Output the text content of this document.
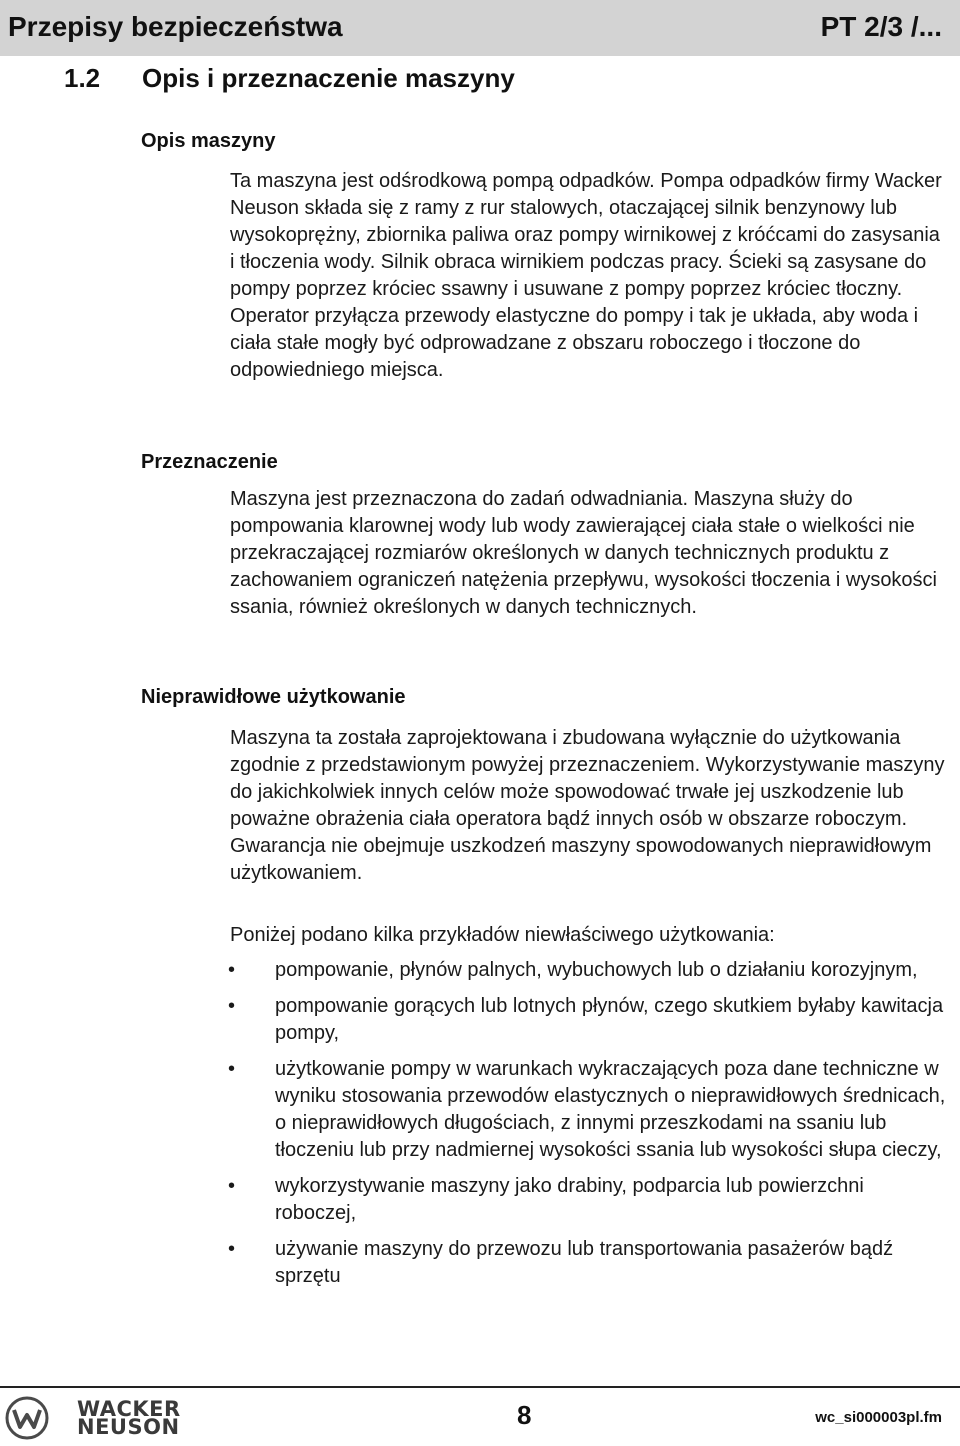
Przepisy bezpieczeństwa	PT 2/3 /...
1.2 Opis i przeznaczenie maszyny
Opis maszyny
Ta maszyna jest odśrodkową pompą odpadków. Pompa odpadków firmy Wacker Neuson składa się z ramy z rur stalowych, otaczającej silnik benzynowy lub wysokoprężny, zbiornika paliwa oraz pompy wirnikowej z króćcami do zasysania i tłoczenia wody. Silnik obraca wirnikiem podczas pracy. Ścieki są zasysane do pompy poprzez króciec ssawny i usuwane z pompy poprzez króciec tłoczny. Operator przyłącza przewody elastyczne do pompy i tak je układa, aby woda i ciała stałe mogły być odprowadzane z obszaru roboczego i tłoczone do odpowiedniego miejsca.
Przeznaczenie
Maszyna jest przeznaczona do zadań odwadniania. Maszyna służy do pompowania klarownej wody lub wody zawierającej ciała stałe o wielkości nie przekraczającej rozmiarów określonych w danych technicznych produktu z zachowaniem ograniczeń natężenia przepływu, wysokości tłoczenia i wysokości ssania, również określonych w danych technicznych.
Nieprawidłowe użytkowanie
Maszyna ta została zaprojektowana i zbudowana wyłącznie do użytkowania zgodnie z przedstawionym powyżej przeznaczeniem. Wykorzystywanie maszyny do jakichkolwiek innych celów może spowodować trwałe jej uszkodzenie lub poważne obrażenia ciała operatora bądź innych osób w obszarze roboczym. Gwarancja nie obejmuje uszkodzeń maszyny spowodowanych nieprawidłowym użytkowaniem.
Poniżej podano kilka przykładów niewłaściwego użytkowania:
• pompowanie, płynów palnych, wybuchowych lub o działaniu korozyjnym,
• pompowanie gorących lub lotnych płynów, czego skutkiem byłaby kawitacja pompy,
• użytkowanie pompy w warunkach wykraczających poza dane techniczne w wyniku stosowania przewodów elastycznych o nieprawidłowych średnicach, o nieprawidłowych długościach, z innymi przeszkodami na ssaniu lub tłoczeniu lub przy nadmiernej wysokości ssania lub wysokości słupa cieczy,
• wykorzystywanie maszyny jako drabiny, podparcia lub powierzchni roboczej,
• używanie maszyny do przewozu lub transportowania pasażerów bądź sprzętu
WACKER
NEUSON	8	wc_si000003pl.fm
